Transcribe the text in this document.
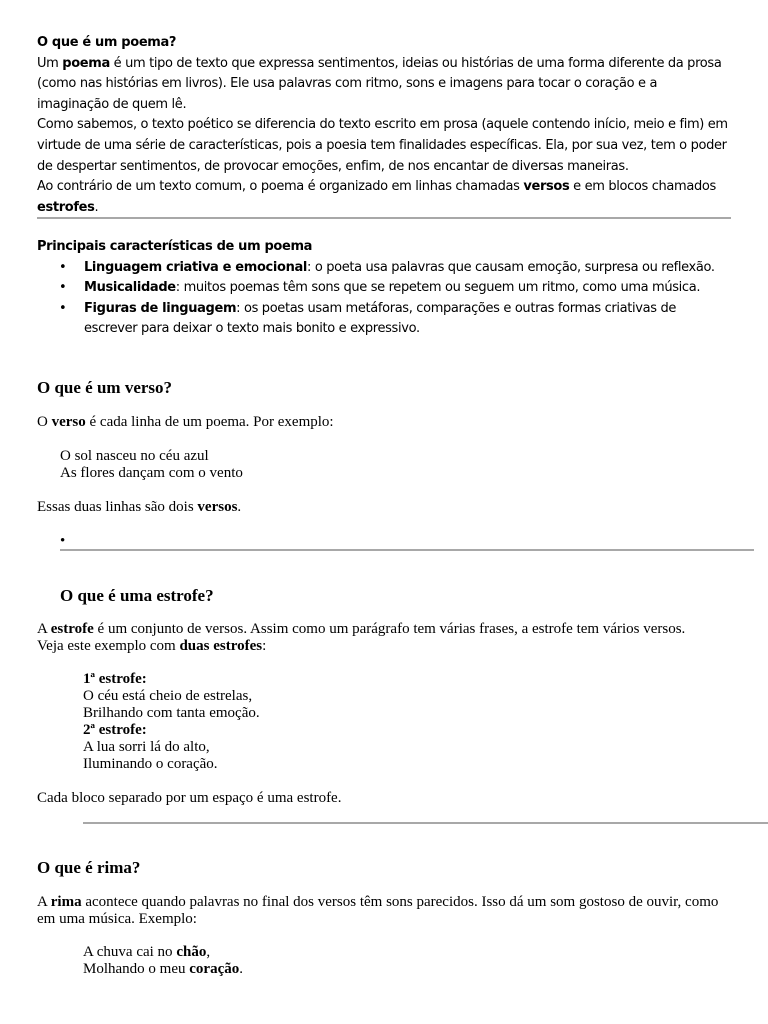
O que é um poema?
Um poema é um tipo de texto que expressa sentimentos, ideias ou histórias de uma forma diferente da prosa (como nas histórias em livros). Ele usa palavras com ritmo, sons e imagens para tocar o coração e a imaginação de quem lê.
Como sabemos, o texto poético se diferencia do texto escrito em prosa (aquele contendo início, meio e fim) em virtude de uma série de características, pois a poesia tem finalidades específicas. Ela, por sua vez, tem o poder de despertar sentimentos, de provocar emoções, enfim, de nos encantar de diversas maneiras.
Ao contrário de um texto comum, o poema é organizado em linhas chamadas versos e em blocos chamados estrofes.
Principais características de um poema
• Linguagem criativa e emocional: o poeta usa palavras que causam emoção, surpresa ou reflexão.
• Musicalidade: muitos poemas têm sons que se repetem ou seguem um ritmo, como uma música.
• Figuras de linguagem: os poetas usam metáforas, comparações e outras formas criativas de escrever para deixar o texto mais bonito e expressivo.
O que é um verso?
O verso é cada linha de um poema. Por exemplo:
O sol nasceu no céu azul
As flores dançam com o vento
Essas duas linhas são dois versos.
•
O que é uma estrofe?
A estrofe é um conjunto de versos. Assim como um parágrafo tem várias frases, a estrofe tem vários versos.
Veja este exemplo com duas estrofes:
1ª estrofe:
O céu está cheio de estrelas,
Brilhando com tanta emoção.
2ª estrofe:
A lua sorri lá do alto,
Iluminando o coração.
Cada bloco separado por um espaço é uma estrofe.
O que é rima?
A rima acontece quando palavras no final dos versos têm sons parecidos. Isso dá um som gostoso de ouvir, como em uma música. Exemplo:
A chuva cai no chão,
Molhando o meu coração.
